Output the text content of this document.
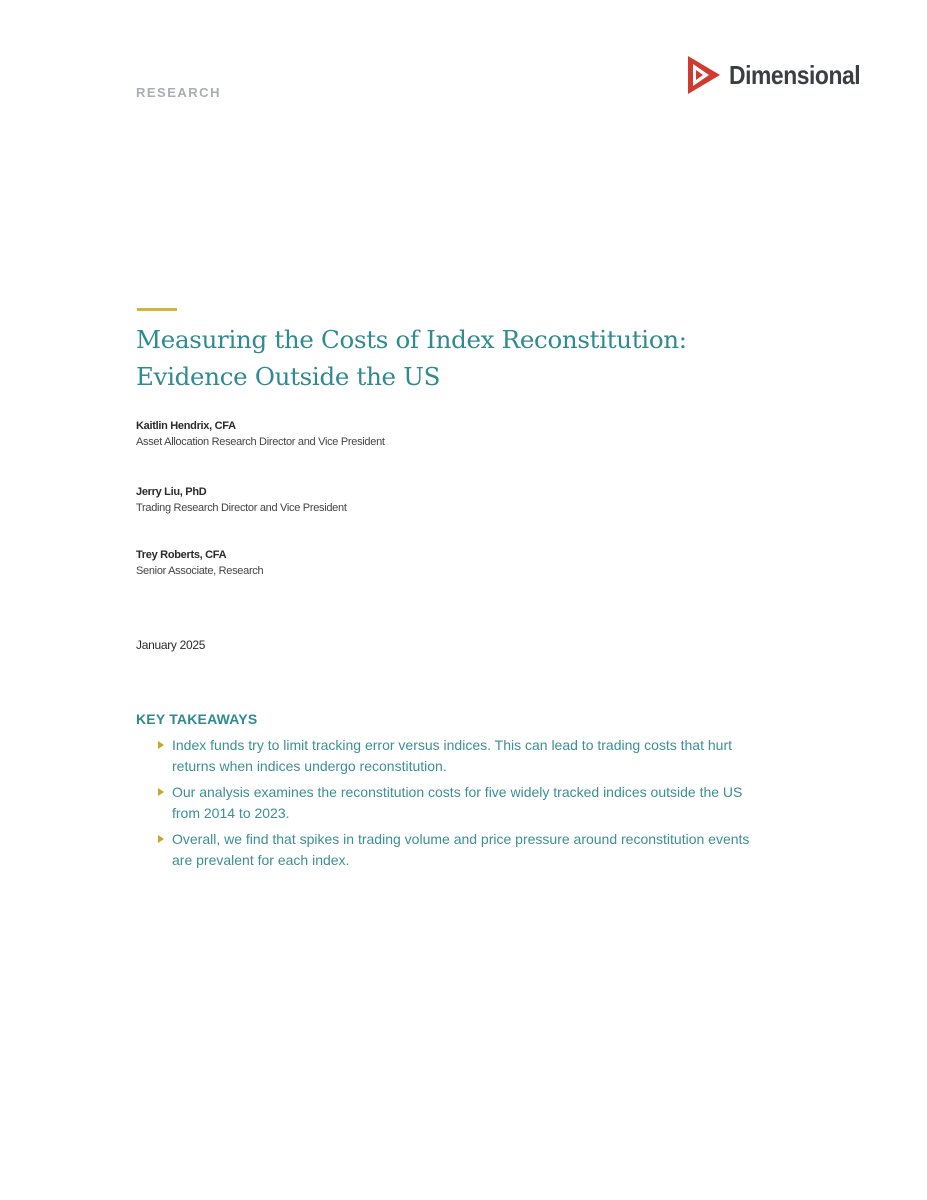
RESEARCH
Dimensional
Measuring the Costs of Index Reconstitution:
Evidence Outside the US
Kaitlin Hendrix, CFA
Asset Allocation Research Director and Vice President
Jerry Liu, PhD
Trading Research Director and Vice President
Trey Roberts, CFA
Senior Associate, Research
January 2025
KEY TAKEAWAYS
Index funds try to limit tracking error versus indices. This can lead to trading costs that hurt returns when indices undergo reconstitution.
Our analysis examines the reconstitution costs for five widely tracked indices outside the US from 2014 to 2023.
Overall, we find that spikes in trading volume and price pressure around reconstitution events are prevalent for each index.
